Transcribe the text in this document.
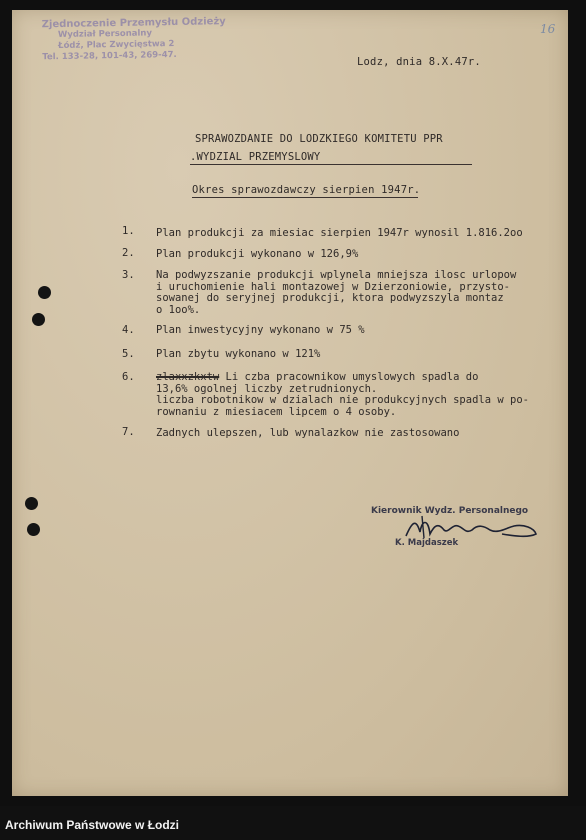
Zjednoczenie Przemysłu Odzieży
Wydział Personalny
Łódź, Plac Zwycięstwa 2
Tel. 133-28, 101-43, 269-47.
16
Lodz, dnia 8.X.47r.
SPRAWOZDANIE DO LODZKIEGO KOMITETU PPR
.WYDZIAL PRZEMYSLOWY
Okres sprawozdawczy sierpien 1947r.
1. Plan produkcji za miesiac sierpien 1947r wynosil 1.816.2oo
2. Plan produkcji wykonano w 126,9%
3. Na podwyzszanie produkcji wplynela mniejsza ilosc urlopow
i uruchomienie hali montazowej w Dzierzoniowie, przysto-
sowanej do seryjnej produkcji, ktora podwyzszyla montaz
o 1oo%.
4. Plan inwestycyjny wykonano w 75 %
5. Plan zbytu wykonano w 121%
6. zlaxxzkxtw Li czba pracownikow umyslowych spadla do
13,6% ogolnej liczby zetrudnionych.
liczba robotnikow w dzialach nie produkcyjnych spadla w po-
rownaniu z miesiacem lipcem o 4 osoby.
7. Zadnych ulepszen, lub wynalazkow nie zastosowano
Kierownik Wydz. Personalnego
K. Majdaszek
Archiwum Państwowe w Łodzi
